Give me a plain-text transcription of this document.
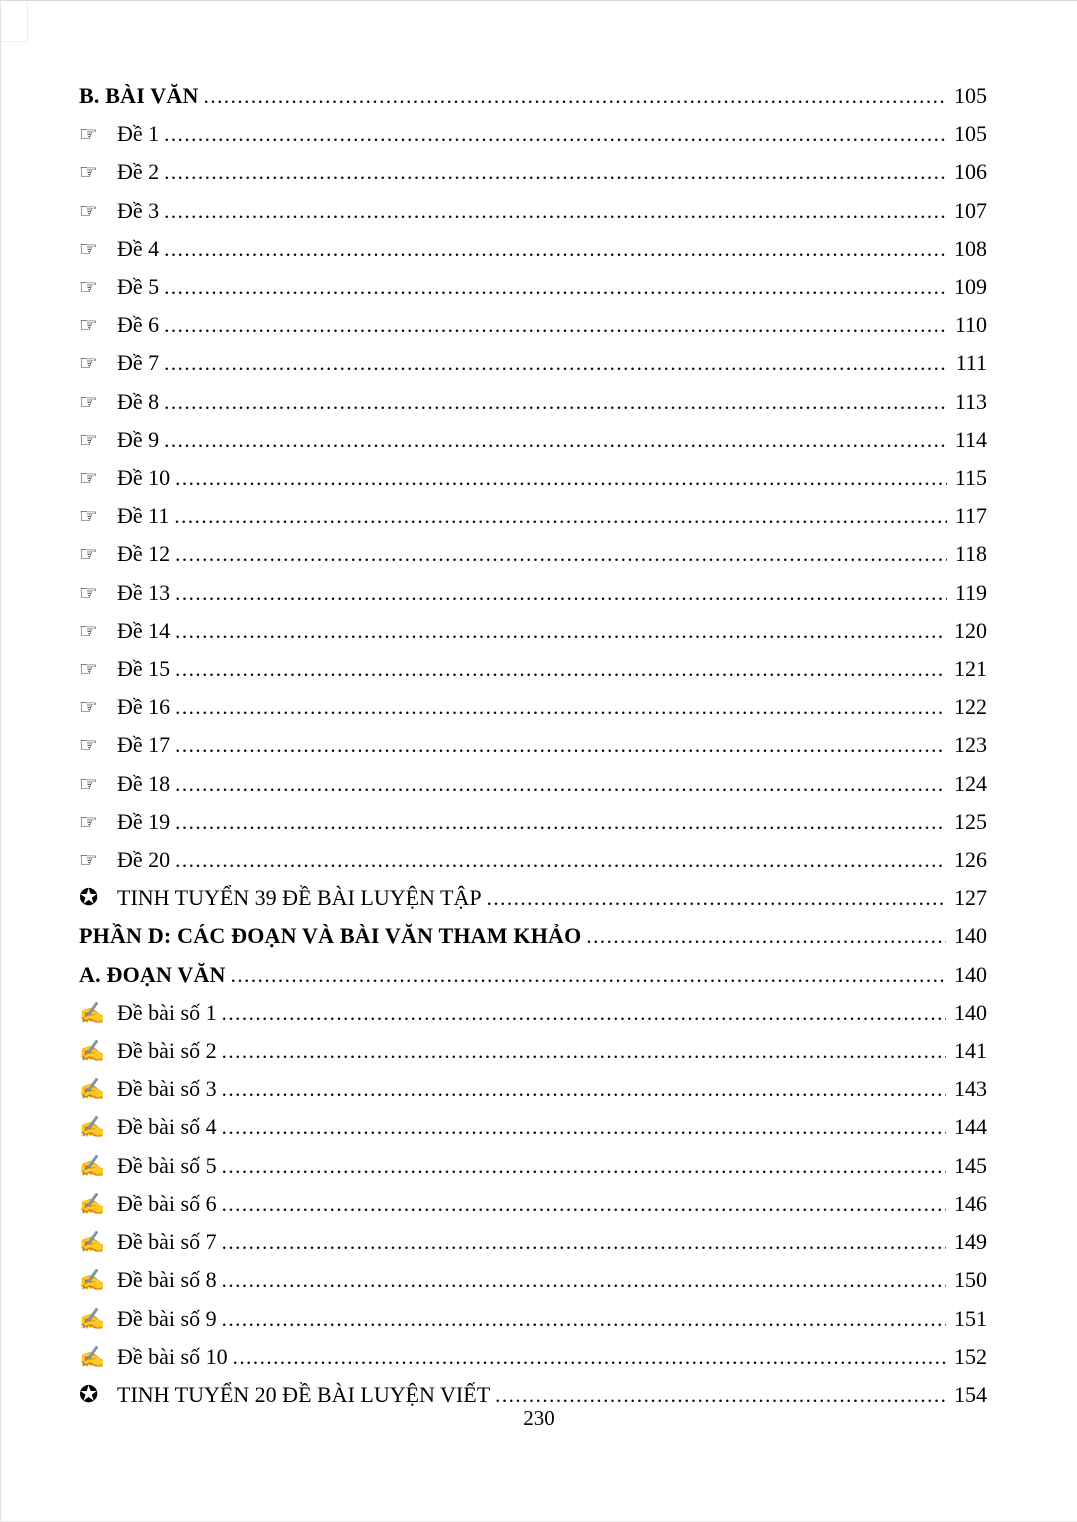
B. BÀI VĂN .....	105
☞ Đề 1 .....	105
☞ Đề 2 .....	106
☞ Đề 3 .....	107
☞ Đề 4 .....	108
☞ Đề 5 .....	109
☞ Đề 6 .....	110
☞ Đề 7 .....	111
☞ Đề 8 .....	113
☞ Đề 9 .....	114
☞ Đề 10 .....	115
☞ Đề 11 .....	117
☞ Đề 12 .....	118
☞ Đề 13 .....	119
☞ Đề 14 .....	120
☞ Đề 15 .....	121
☞ Đề 16 .....	122
☞ Đề 17 .....	123
☞ Đề 18 .....	124
☞ Đề 19 .....	125
☞ Đề 20 .....	126
✪ TINH TUYỂN 39 ĐỀ BÀI LUYỆN TẬP .....	127
PHẦN D: CÁC ĐOẠN VÀ BÀI VĂN THAM KHẢO .....	140
A. ĐOẠN VĂN .....	140
✍ Đề bài số 1 .....	140
✍ Đề bài số 2 .....	141
✍ Đề bài số 3 .....	143
✍ Đề bài số 4 .....	144
✍ Đề bài số 5 .....	145
✍ Đề bài số 6 .....	146
✍ Đề bài số 7 .....	149
✍ Đề bài số 8 .....	150
✍ Đề bài số 9 .....	151
✍ Đề bài số 10 .....	152
✪ TINH TUYỂN 20 ĐỀ BÀI LUYỆN VIẾT .....	154
230
